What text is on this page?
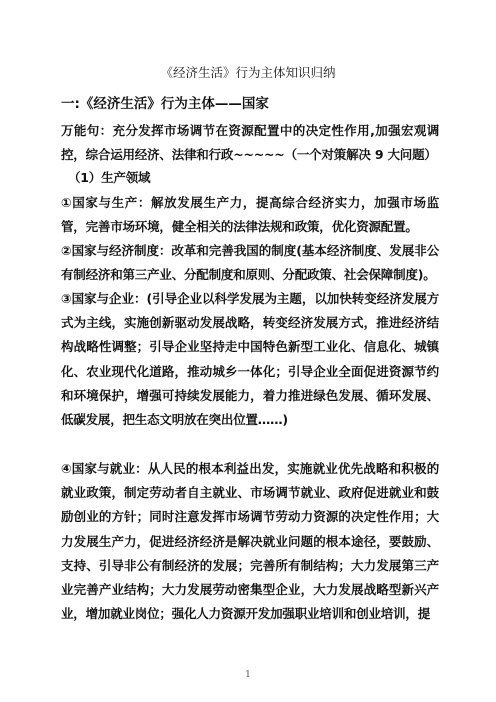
《经济生活》行为主体知识归纳
一:《经济生活》行为主体——国家
万能句：充分发挥市场调节在资源配置中的决定性作用,加强宏观调控，综合运用经济、法律和行政~~~~~（一个对策解决 9 大问题）
（1）生产领域
①国家与生产：解放发展生产力，提高综合经济实力，加强市场监管，完善市场环境，健全相关的法律法规和政策，优化资源配置。
②国家与经济制度：改革和完善我国的制度(基本经济制度、发展非公有制经济和第三产业、分配制度和原则、分配政策、社会保障制度)。
③国家与企业：(引导企业以科学发展为主题，以加快转变经济发展方式为主线，实施创新驱动发展战略，转变经济发展方式，推进经济结构战略性调整；引导企业坚持走中国特色新型工业化、信息化、城镇化、农业现代化道路，推动城乡一体化；引导企业全面促进资源节约和环境保护，增强可持续发展能力，着力推进绿色发展、循环发展、低碳发展，把生态文明放在突出位置……)
④国家与就业：从人民的根本利益出发，实施就业优先战略和积极的就业政策，制定劳动者自主就业、市场调节就业、政府促进就业和鼓励创业的方针；同时注意发挥市场调节劳动力资源的决定性作用；大力发展生产力，促进经济经济是解决就业问题的根本途径，要鼓励、支持、引导非公有制经济的发展；完善所有制结构；大力发展第三产业完善产业结构；大力发展劳动密集型企业，大力发展战略型新兴产业，增加就业岗位；强化人力资源开发加强职业培训和创业培训，提
1
